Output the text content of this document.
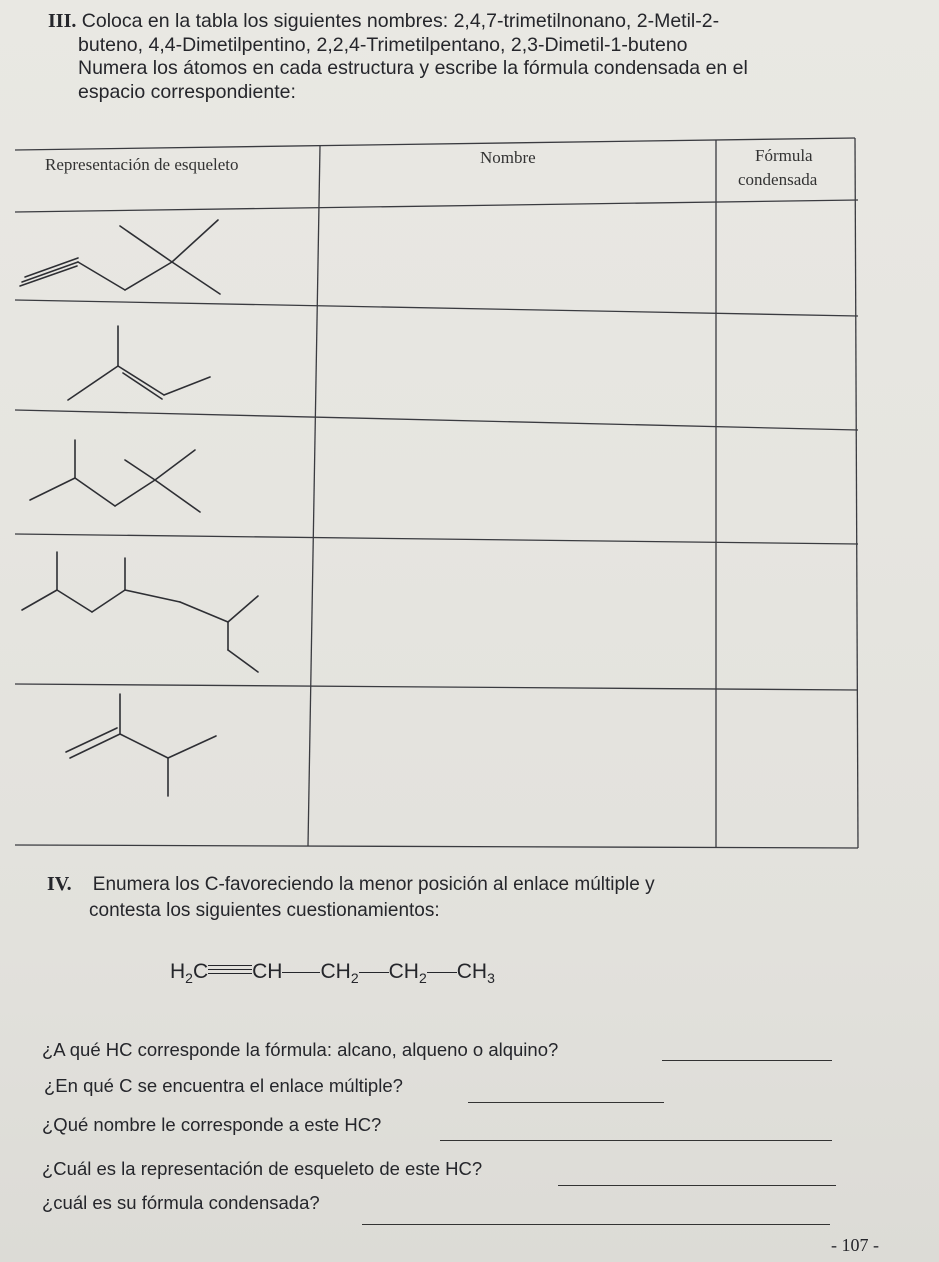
III. Coloca en la tabla los siguientes nombres: 2,4,7-trimetilnonano, 2-Metil-2-
buteno, 4,4-Dimetilpentino, 2,2,4-Trimetilpentano, 2,3-Dimetil-1-buteno
Numera los átomos en cada estructura y escribe la fórmula condensada en el
espacio correspondiente:
Representación de esqueleto	Nombre	Fórmula
condensada
IV. Enumera los C-favoreciendo la menor posición al enlace múltiple y
contesta los siguientes cuestionamientos:
$H_2C$ CH $CH_2$ $CH_2$ $CH_3$
¿A qué HC corresponde la fórmula: alcano, alqueno o alquino?
¿En qué C se encuentra el enlace múltiple?
¿Qué nombre le corresponde a este HC?
¿Cuál es la representación de esqueleto de este HC?
¿cuál es su fórmula condensada?
- 107 -
